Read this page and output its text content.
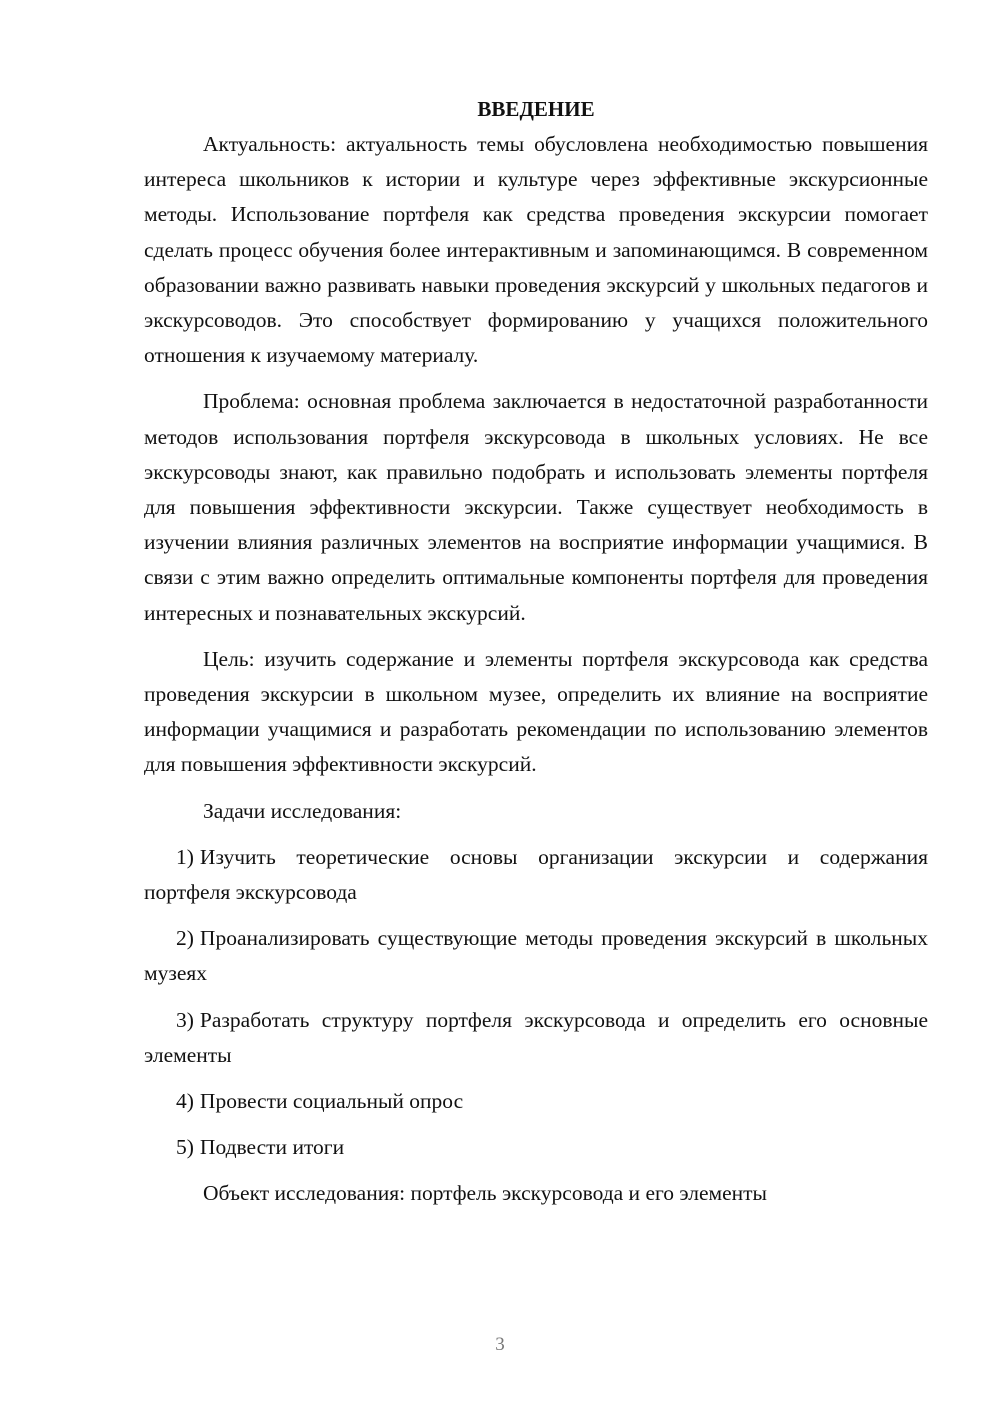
ВВЕДЕНИЕ

Актуальность: актуальность темы обусловлена необходимостью повышения интереса школьников к истории и культуре через эффективные экскурсионные методы. Использование портфеля как средства проведения экскурсии помогает сделать процесс обучения более интерактивным и запоминающимся. В современном образовании важно развивать навыки проведения экскурсий у школьных педагогов и экскурсоводов. Это способствует формированию у учащихся положительного отношения к изучаемому материалу.

Проблема: основная проблема заключается в недостаточной разработанности методов использования портфеля экскурсовода в школьных условиях. Не все экскурсоводы знают, как правильно подобрать и использовать элементы портфеля для повышения эффективности экскурсии. Также существует необходимость в изучении влияния различных элементов на восприятие информации учащимися. В связи с этим важно определить оптимальные компоненты портфеля для проведения интересных и познавательных экскурсий.

Цель: изучить содержание и элементы портфеля экскурсовода как средства проведения экскурсии в школьном музее, определить их влияние на восприятие информации учащимися и разработать рекомендации по использованию элементов для повышения эффективности экскурсий.

Задачи исследования:

1) Изучить теоретические основы организации экскурсии и содержания портфеля экскурсовода

2) Проанализировать существующие методы проведения экскурсий в школьных музеях

3) Разработать структуру портфеля экскурсовода и определить его основные элементы

4) Провести социальный опрос

5) Подвести итоги

Объект исследования: портфель экскурсовода и его элементы

3
